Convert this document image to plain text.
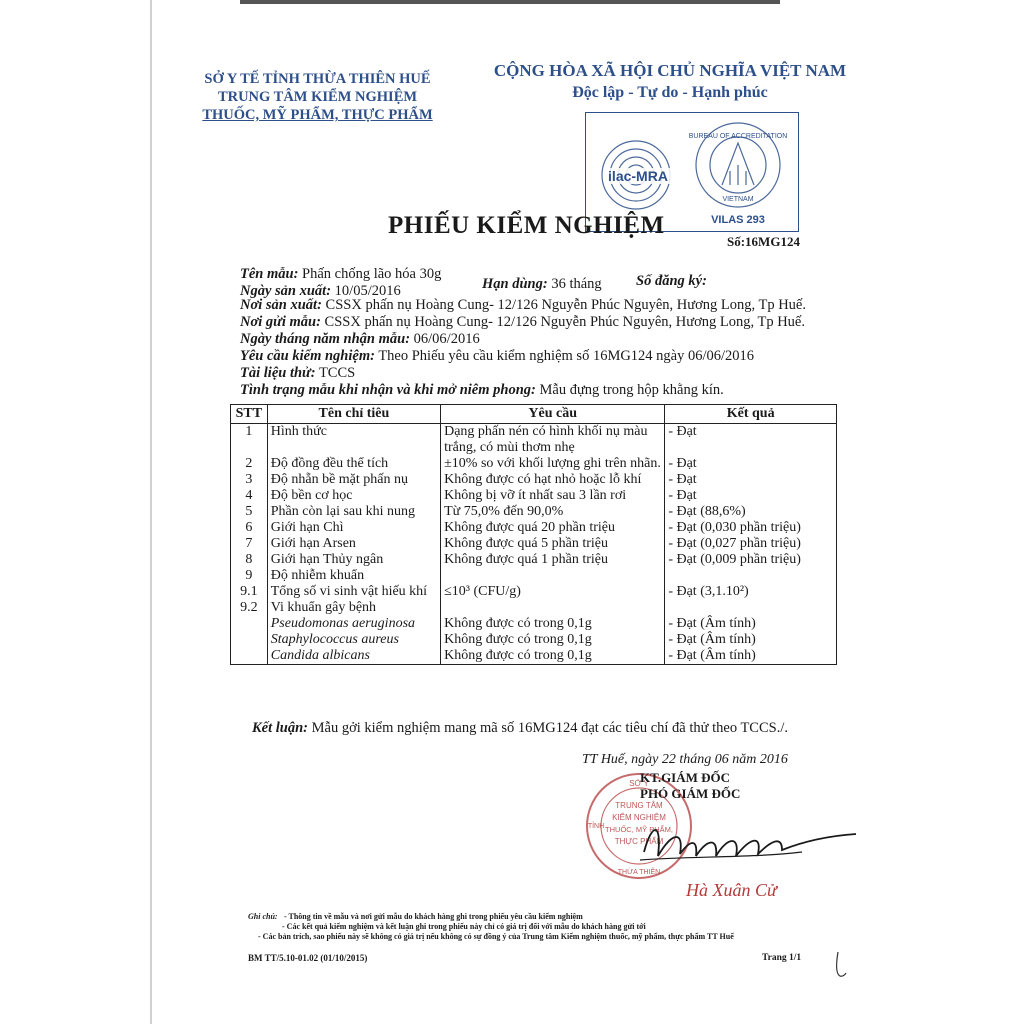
SỞ Y TẾ TỈNH THỪA THIÊN HUẾ
TRUNG TÂM KIỂM NGHIỆM
THUỐC, MỸ PHẨM, THỰC PHẨM
CỘNG HÒA XÃ HỘI CHỦ NGHĨA VIỆT NAM
Độc lập - Tự do - Hạnh phúc
ilac-MRA
BUREAU OF ACCREDITATION
VIETNAM
VILAS 293
PHIẾU KIỂM NGHIỆM
Số:16MG124
Tên mẫu: Phấn chống lão hóa 30g
Ngày sản xuất: 10/05/2016	Hạn dùng: 36 tháng Số đăng ký:
Nơi sản xuất: CSSX phấn nụ Hoàng Cung- 12/126 Nguyễn Phúc Nguyên, Hương Long, Tp Huế.
Nơi gửi mẫu: CSSX phấn nụ Hoàng Cung- 12/126 Nguyễn Phúc Nguyên, Hương Long, Tp Huế.
Ngày tháng năm nhận mẫu: 06/06/2016
Yêu cầu kiểm nghiệm: Theo Phiếu yêu cầu kiểm nghiệm số 16MG124 ngày 06/06/2016
Tài liệu thử: TCCS
Tình trạng mẫu khi nhận và khi mở niêm phong: Mẫu đựng trong hộp khằng kín.
STT	Tên chỉ tiêu	Yêu cầu	Kết quả
1	Hình thức	Dạng phấn nén có hình khối nụ màu trắng, có mùi thơm nhẹ	- Đạt
2	Độ đồng đều thể tích	±10% so với khối lượng ghi trên nhãn.	- Đạt
3	Độ nhẵn bề mặt phấn nụ	Không được có hạt nhỏ hoặc lỗ khí	- Đạt
4	Độ bền cơ học	Không bị vỡ ít nhất sau 3 lần rơi	- Đạt
5	Phần còn lại sau khi nung	Từ 75,0% đến 90,0%	- Đạt (88,6%)
6	Giới hạn Chì	Không được quá 20 phần triệu	- Đạt (0,030 phần triệu)
7	Giới hạn Arsen	Không được quá 5 phần triệu	- Đạt (0,027 phần triệu)
8	Giới hạn Thủy ngân	Không được quá 1 phần triệu	- Đạt (0,009 phần triệu)
9	Độ nhiễm khuẩn		
9.1	Tổng số vi sinh vật hiếu khí	≤10³ (CFU/g)	- Đạt (3,1.10²)
9.2	Vi khuẩn gây bệnh		
	Pseudomonas aeruginosa	Không được có trong 0,1g	- Đạt (Âm tính)
	Staphylococcus aureus	Không được có trong 0,1g	- Đạt (Âm tính)
	Candida albicans	Không được có trong 0,1g	- Đạt (Âm tính)
Kết luận: Mẫu gởi kiểm nghiệm mang mã số 16MG124 đạt các tiêu chí đã thử theo TCCS./.
TT Huế, ngày 22 tháng 06 năm 2016
SỞ Y
TRUNG TÂM
KIỂM NGHIỆM
THUỐC, MỸ PHẨM,
THỰC PHẨM
TỈNH
THỪA THIÊN
KT.GIÁM ĐỐC
PHÓ GIÁM ĐỐC
Hà Xuân Cử
Ghi chú: - Thông tin về mẫu và nơi gửi mẫu do khách hàng ghi trong phiếu yêu cầu kiểm nghiệm
- Các kết quả kiểm nghiệm và kết luận ghi trong phiếu này chỉ có giá trị đối với mẫu do khách hàng gửi tới
- Các bản trích, sao phiếu này sẽ không có giá trị nếu không có sự đồng ý của Trung tâm Kiểm nghiệm thuốc, mỹ phẩm, thực phẩm TT Huế
BM TT/5.10-01.02 (01/10/2015)	Trang 1/1
